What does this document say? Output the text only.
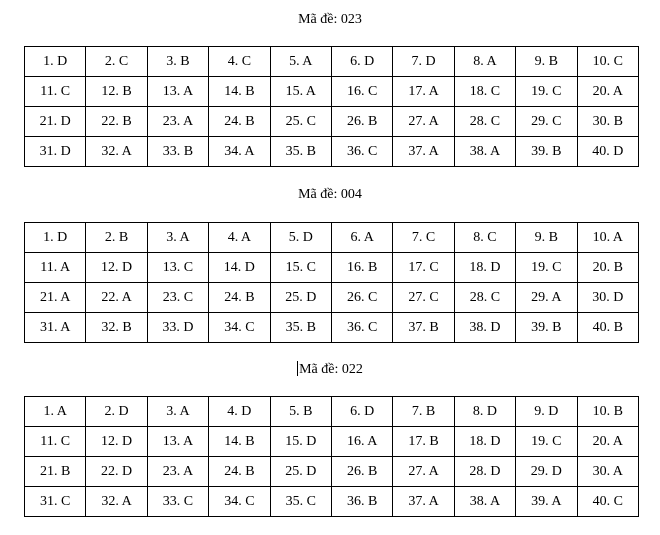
Mã đề: 023
1. D	2. C	3. B	4. C	5. A	6. D	7. D	8. A	9. B	10. C
11. C	12. B	13. A	14. B	15. A	16. C	17. A	18. C	19. C	20. A
21. D	22. B	23. A	24. B	25. C	26. B	27. A	28. C	29. C	30. B
31. D	32. A	33. B	34. A	35. B	36. C	37. A	38. A	39. B	40. D
Mã đề: 004
1. D	2. B	3. A	4. A	5. D	6. A	7. C	8. C	9. B	10. A
11. A	12. D	13. C	14. D	15. C	16. B	17. C	18. D	19. C	20. B
21. A	22. A	23. C	24. B	25. D	26. C	27. C	28. C	29. A	30. D
31. A	32. B	33. D	34. C	35. B	36. C	37. B	38. D	39. B	40. B
Mã đề: 022
1. A	2. D	3. A	4. D	5. B	6. D	7. B	8. D	9. D	10. B
11. C	12. D	13. A	14. B	15. D	16. A	17. B	18. D	19. C	20. A
21. B	22. D	23. A	24. B	25. D	26. B	27. A	28. D	29. D	30. A
31. C	32. A	33. C	34. C	35. C	36. B	37. A	38. A	39. A	40. C
